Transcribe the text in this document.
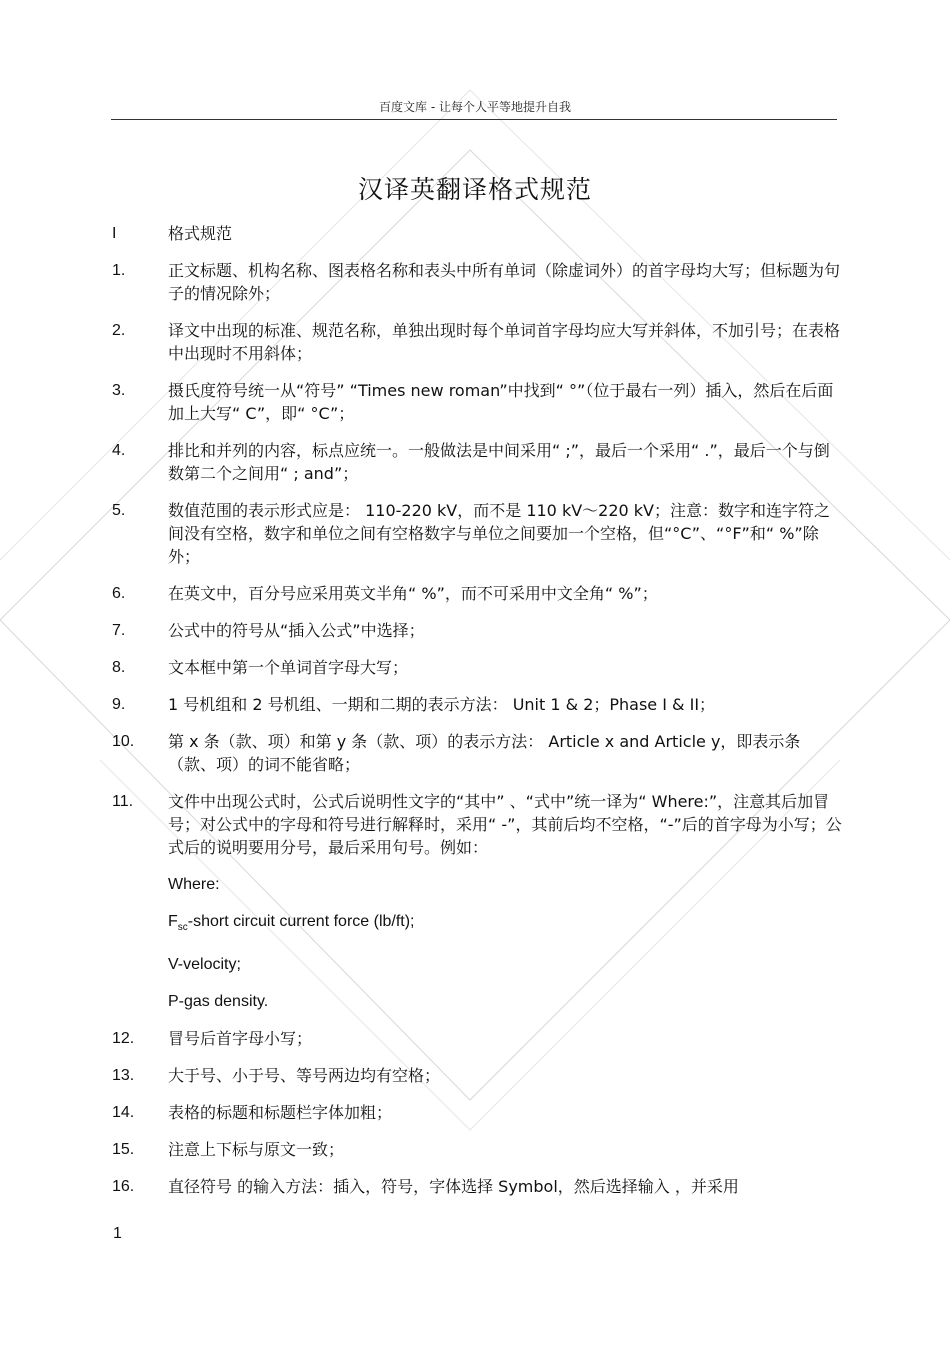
百度文库 - 让每个人平等地提升自我
汉译英翻译格式规范
I	格式规范
1.	正文标题、机构名称、图表格名称和表头中所有单词（除虚词外）的首字母均大写；但标题为句子的情况除外；
2.	译文中出现的标准、规范名称，单独出现时每个单词首字母均应大写并斜体，不加引号；在表格中出现时不用斜体；
3.	摄氏度符号统一从“符号” “Times new roman”中找到“ °”（位于最右一列）插入，然后在后面加上大写“ C”，即“ °C”；
4.	排比和并列的内容，标点应统一。一般做法是中间采用“ ;”，最后一个采用“ .”，最后一个与倒数第二个之间用“ ; and”；
5.	数值范围的表示形式应是： 110-220 kV，而不是 110 kV～220 kV；注意：数字和连字符之间没有空格，数字和单位之间有空格数字与单位之间要加一个空格，但“°C”、“°F”和“ %”除外；
6.	在英文中，百分号应采用英文半角“ %”，而不可采用中文全角“ %”；
7.	公式中的符号从“插入公式”中选择；
8.	文本框中第一个单词首字母大写；
9.	1 号机组和 2 号机组、一期和二期的表示方法： Unit 1 & 2；Phase I & II；
10.	第 x 条（款、项）和第 y 条（款、项）的表示方法： Article x and Article y，即表示条（款、项）的词不能省略；
11.	文件中出现公式时，公式后说明性文字的“其中” 、“式中”统一译为“ Where:”，注意其后加冒号；对公式中的字母和符号进行解释时，采用“ -”，其前后均不空格，“-”后的首字母为小写；公式后的说明要用分号，最后采用句号。例如：
Where:
$F_{sc}$-short circuit current force (lb/ft);
V-velocity;
P-gas density.
12.	冒号后首字母小写；
13.	大于号、小于号、等号两边均有空格；
14.	表格的标题和标题栏字体加粗；
15.	注意上下标与原文一致；
16.	直径符号 的输入方法：插入，符号，字体选择 Symbol，然后选择输入 ，并采用
1
